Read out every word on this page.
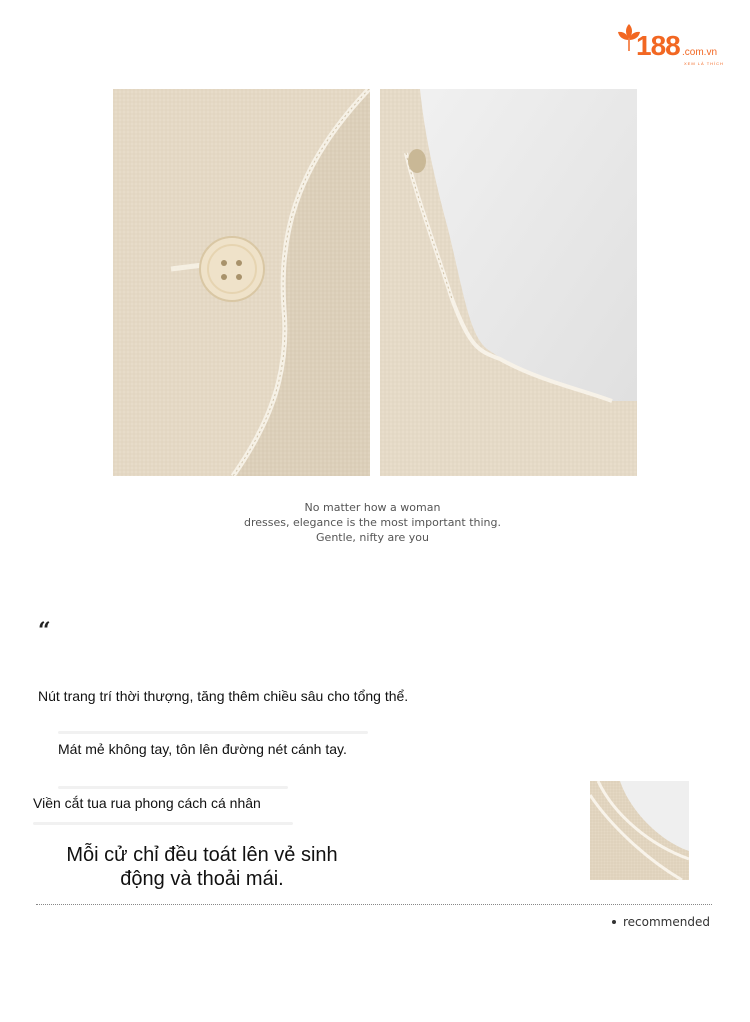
188 .com.vn
XEM LÀ THÍCH
No matter how a woman
dresses, elegance is the most important thing.
Gentle, nifty are you
“
Nút trang trí thời thượng, tăng thêm chiều sâu cho tổng thể.
Mát mẻ không tay, tôn lên đường nét cánh tay.
Viền cắt tua rua phong cách cá nhân
Mỗi cử chỉ đều toát lên vẻ sinh
động và thoải mái.
recommended
